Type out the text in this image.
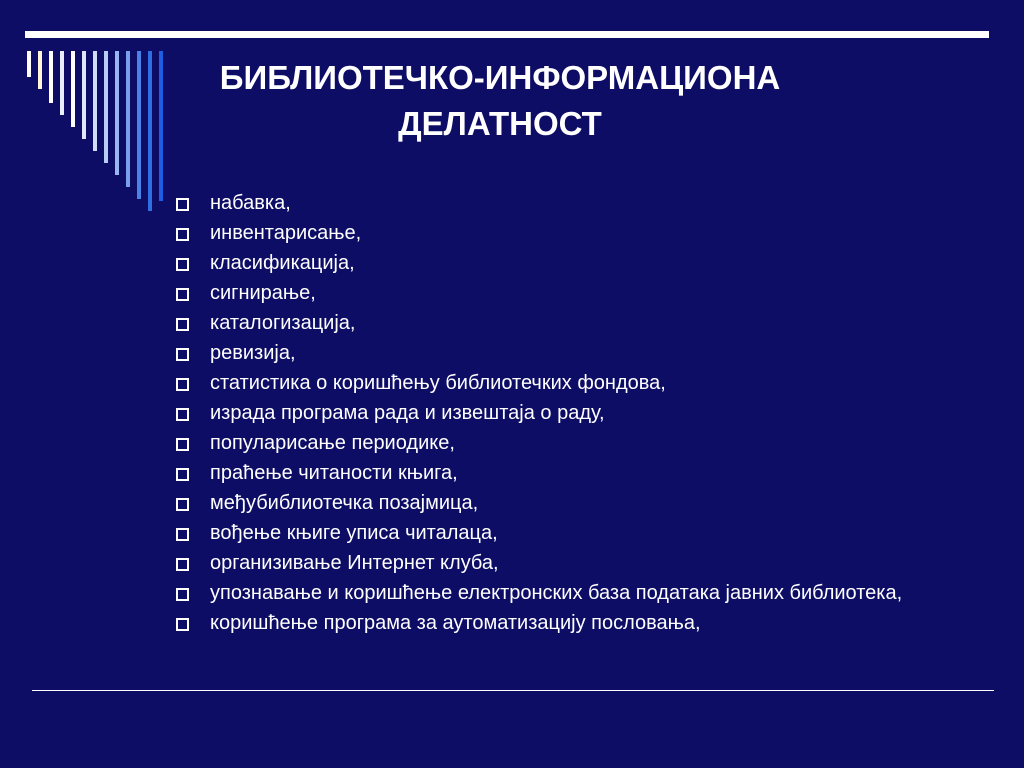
БИБЛИОТЕЧКО-ИНФОРМАЦИОНА
ДЕЛАТНОСТ
набавка,
инвентарисање,
класификација,
сигнирање,
каталогизација,
ревизија,
статистика о коришћењу библиотечких фондова,
израда програма рада и извештаја о раду,
популарисање периодике,
праћење читаности књига,
међубиблиотечка позајмица,
вођење књиге уписа читалаца,
организивање Интернет клуба,
упознавање и коришћење електронских база података јавних библиотека,
коришћење програма за аутоматизацију пословања,
